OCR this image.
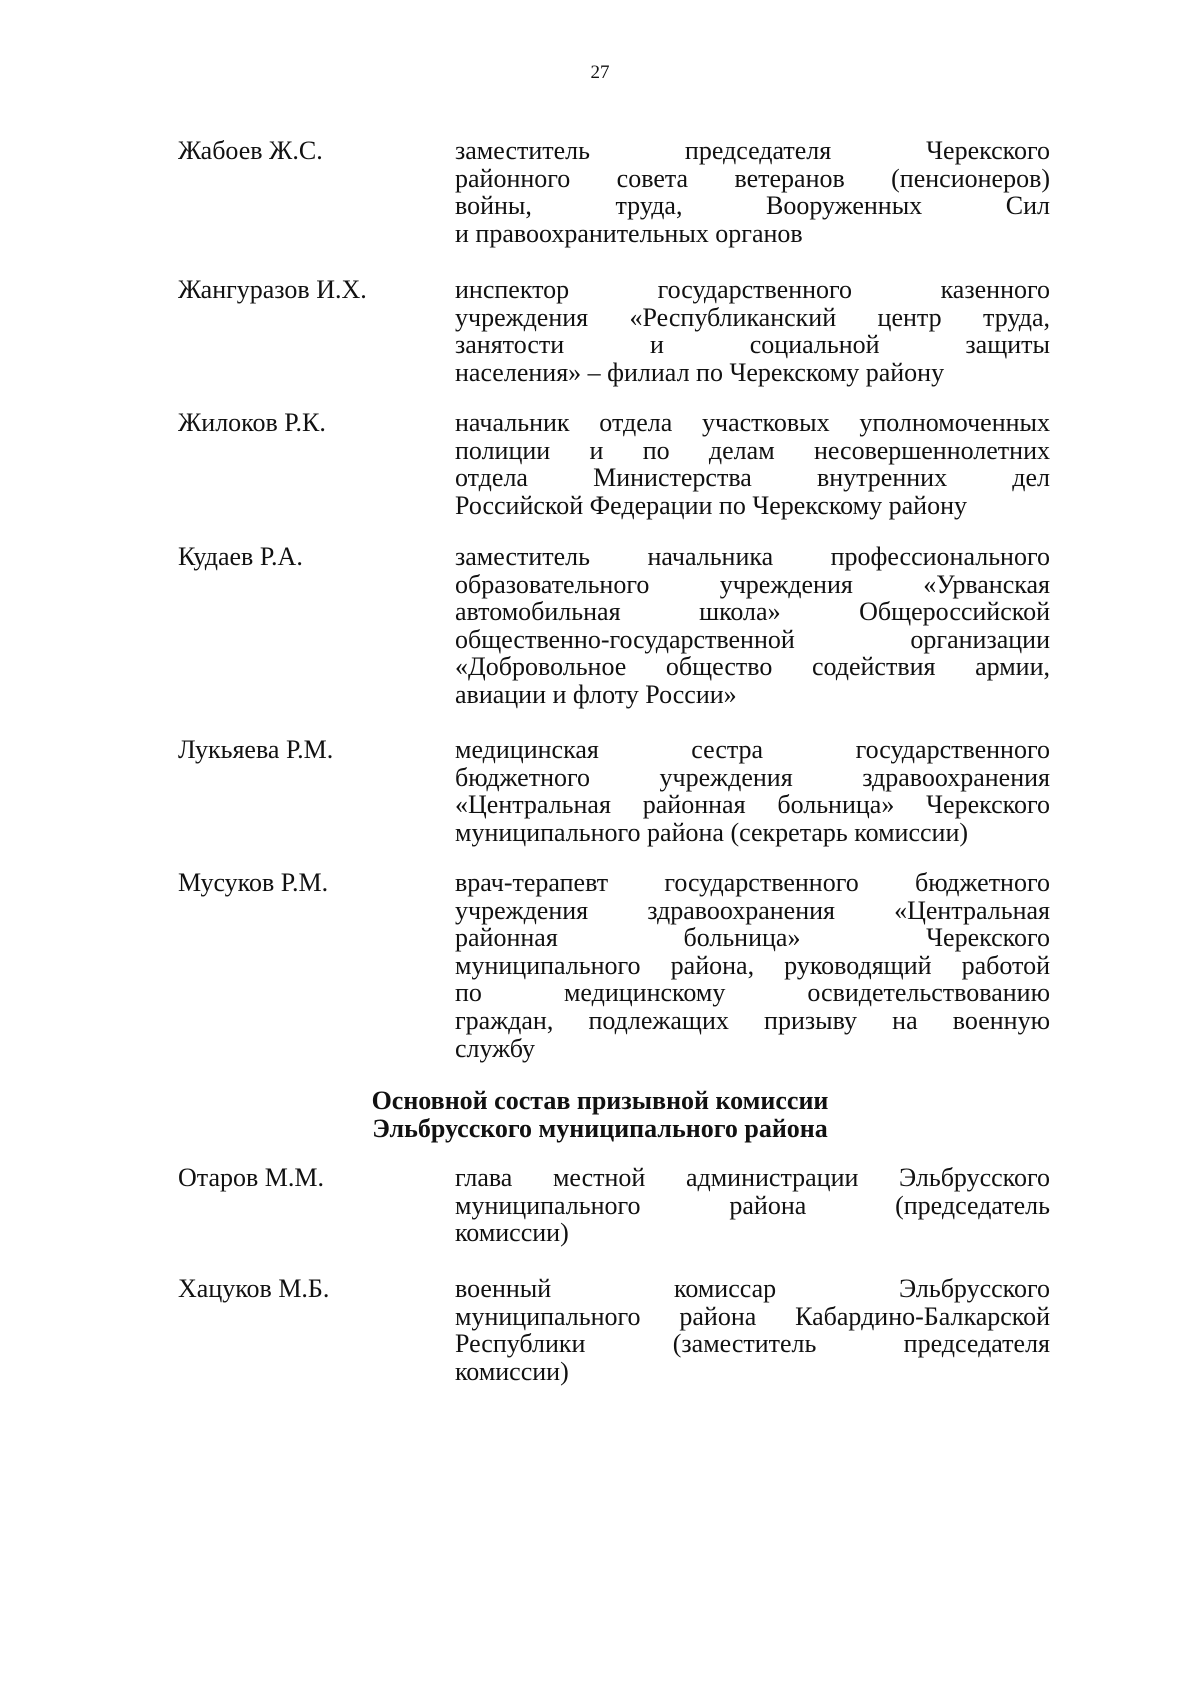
27
Жабоев Ж.С.	заместитель председателя Черекского
районного совета ветеранов (пенсионеров)
войны, труда, Вооруженных Сил
и правоохранительных органов
Жангуразов И.Х.	инспектор государственного казенного
учреждения «Республиканский центр труда,
занятости и социальной защиты
населения» – филиал по Черекскому району
Жилоков Р.К.	начальник отдела участковых уполномоченных
полиции и по делам несовершеннолетних
отдела Министерства внутренних дел
Российской Федерации по Черекскому району
Кудаев Р.А.	заместитель начальника профессионального
образовательного учреждения «Урванская
автомобильная школа» Общероссийской
общественно-государственной организации
«Добровольное общество содействия армии,
авиации и флоту России»
Лукьяева Р.М.	медицинская сестра государственного
бюджетного учреждения здравоохранения
«Центральная районная больница» Черекского
муниципального района (секретарь комиссии)
Мусуков Р.М.	врач-терапевт государственного бюджетного
учреждения здравоохранения «Центральная
районная больница» Черекского
муниципального района, руководящий работой
по медицинскому освидетельствованию
граждан, подлежащих призыву на военную
службу
Основной состав призывной комиссии
Эльбрусского муниципального района
Отаров М.М.	глава местной администрации Эльбрусского
муниципального района (председатель
комиссии)
Хацуков М.Б.	военный комиссар Эльбрусского
муниципального района Кабардино-Балкарской
Республики (заместитель председателя
комиссии)
